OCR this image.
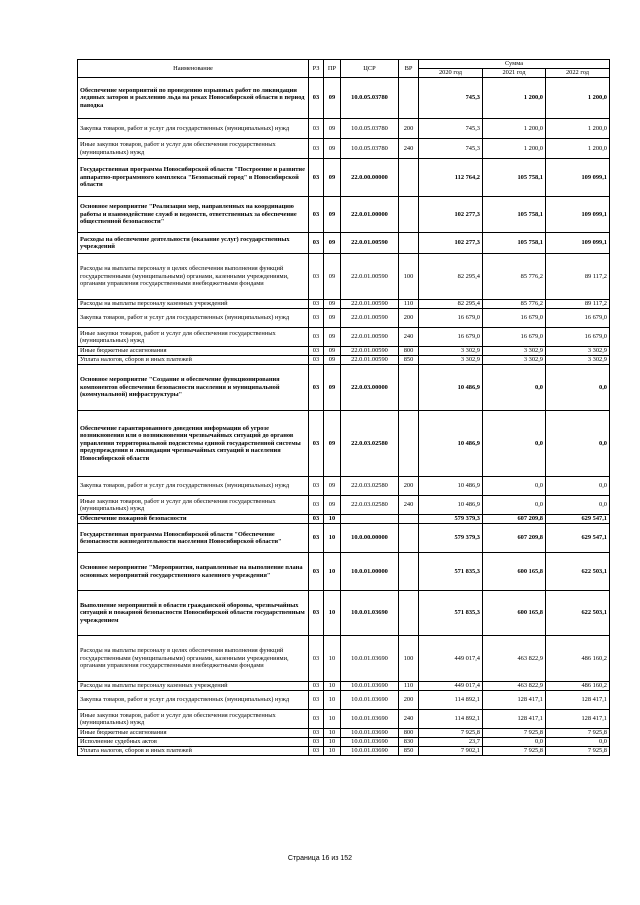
Наименование	РЗ	ПР	ЦСР	ВР	Сумма		
					2020 год	2021 год	2022 год
Обеспечение мероприятий по проведению взрывных работ по ликвидации ледяных заторов и рыхлению льда на реках Новосибирской области в период паводка	03	09	10.0.05.03780		745,3	1 200,0	1 200,0
Закупка товаров, работ и услуг для государственных (муниципальных) нужд	03	09	10.0.05.03780	200	745,3	1 200,0	1 200,0
Иные закупки товаров, работ и услуг для обеспечения государственных (муниципальных) нужд	03	09	10.0.05.03780	240	745,3	1 200,0	1 200,0
Государственная программа Новосибирской области "Построение и развитие аппаратно-программного комплекса "Безопасный город" в Новосибирской области	03	09	22.0.00.00000		112 764,2	105 758,1	109 099,1
Основное мероприятие "Реализация мер, направленных на координацию работы и взаимодействие служб и ведомств, ответственных за обеспечение общественной безопасности"	03	09	22.0.01.00000		102 277,3	105 758,1	109 099,1
Расходы на обеспечение деятельности (оказание услуг) государственных учреждений	03	09	22.0.01.00590		102 277,3	105 758,1	109 099,1
Расходы на выплаты персоналу в целях обеспечения выполнения функций государственными (муниципальными) органами, казенными учреждениями, органами управления государственными внебюджетными фондами	03	09	22.0.01.00590	100	82 295,4	85 776,2	89 117,2
Расходы на выплаты персоналу казенных учреждений	03	09	22.0.01.00590	110	82 295,4	85 776,2	89 117,2
Закупка товаров, работ и услуг для государственных (муниципальных) нужд	03	09	22.0.01.00590	200	16 679,0	16 679,0	16 679,0
Иные закупки товаров, работ и услуг для обеспечения государственных (муниципальных) нужд	03	09	22.0.01.00590	240	16 679,0	16 679,0	16 679,0
Иные бюджетные ассигнования	03	09	22.0.01.00590	800	3 302,9	3 302,9	3 302,9
Уплата налогов, сборов и иных платежей	03	09	22.0.01.00590	850	3 302,9	3 302,9	3 302,9
Основное мероприятие "Создание и обеспечение функционирования компонентов обеспечения безопасности населения и муниципальной (коммунальной) инфраструктуры"	03	09	22.0.03.00000		10 486,9	0,0	0,0
Обеспечение гарантированного доведения информации об угрозе возникновения или о возникновении чрезвычайных ситуаций до органов управления территориальной подсистемы единой государственной системы предупреждения и ликвидации чрезвычайных ситуаций и населения Новосибирской области	03	09	22.0.03.02580		10 486,9	0,0	0,0
Закупка товаров, работ и услуг для государственных (муниципальных) нужд	03	09	22.0.03.02580	200	10 486,9	0,0	0,0
Иные закупки товаров, работ и услуг для обеспечения государственных (муниципальных) нужд	03	09	22.0.03.02580	240	10 486,9	0,0	0,0
Обеспечение пожарной безопасности	03	10			579 379,3	607 209,8	629 547,1
Государственная программа Новосибирской области "Обеспечение безопасности жизнедеятельности населения Новосибирской области"	03	10	10.0.00.00000		579 379,3	607 209,8	629 547,1
Основное мероприятие "Мероприятия, направленные на выполнение плана основных мероприятий государственного казенного учреждения"	03	10	10.0.01.00000		571 835,3	600 165,8	622 503,1
Выполнение мероприятий в области гражданской обороны, чрезвычайных ситуаций и пожарной безопасности Новосибирской области государственным учреждением	03	10	10.0.01.03690		571 835,3	600 165,8	622 503,1
Расходы на выплаты персоналу в целях обеспечения выполнения функций государственными (муниципальными) органами, казенными учреждениями, органами управления государственными внебюджетными фондами	03	10	10.0.01.03690	100	449 017,4	463 822,9	486 160,2
Расходы на выплаты персоналу казенных учреждений	03	10	10.0.01.03690	110	449 017,4	463 822,9	486 160,2
Закупка товаров, работ и услуг для государственных (муниципальных) нужд	03	10	10.0.01.03690	200	114 892,1	128 417,1	128 417,1
Иные закупки товаров, работ и услуг для обеспечения государственных (муниципальных) нужд	03	10	10.0.01.03690	240	114 892,1	128 417,1	128 417,1
Иные бюджетные ассигнования	03	10	10.0.01.03690	800	7 925,8	7 925,8	7 925,8
Исполнение судебных актов	03	10	10.0.01.03690	830	23,7	0,0	0,0
Уплата налогов, сборов и иных платежей	03	10	10.0.01.03690	850	7 902,1	7 925,8	7 925,8
Страница 16 из 152
